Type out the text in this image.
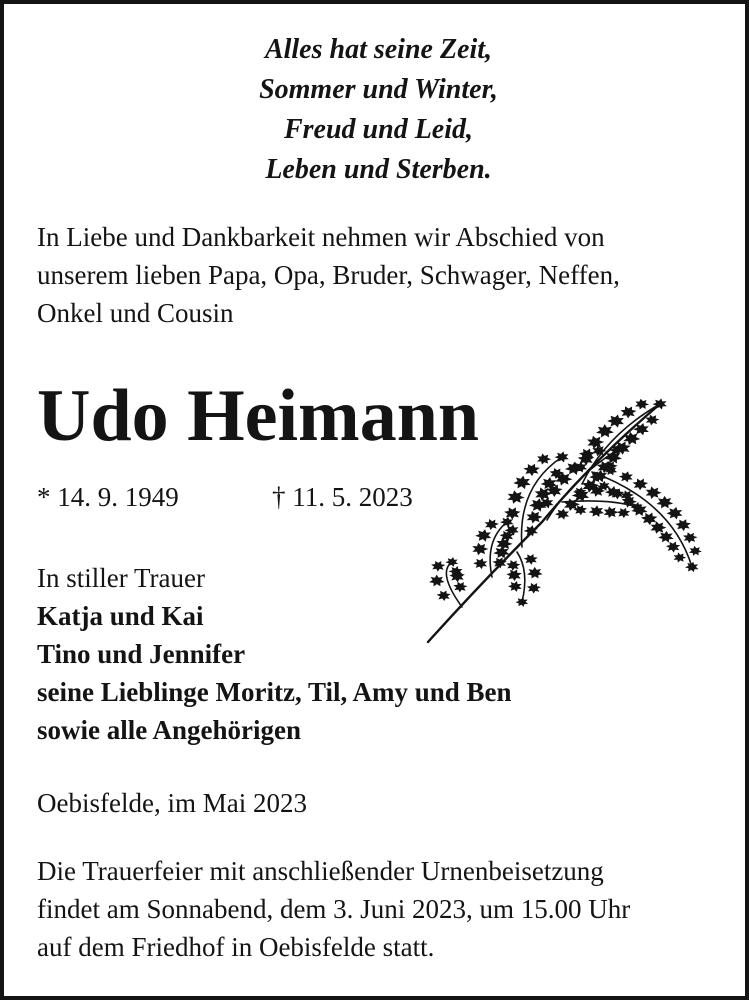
Alles hat seine Zeit,
Sommer und Winter,
Freud und Leid,
Leben und Sterben.
In Liebe und Dankbarkeit nehmen wir Abschied von
unserem lieben Papa, Opa, Bruder, Schwager, Neffen,
Onkel und Cousin
Udo Heimann
* 14. 9. 1949	† 11. 5. 2023
In stiller Trauer
Katja und Kai
Tino und Jennifer
seine Lieblinge Moritz, Til, Amy und Ben
sowie alle Angehörigen
Oebisfelde, im Mai 2023
Die Trauerfeier mit anschließender Urnenbeisetzung
findet am Sonnabend, dem 3. Juni 2023, um 15.00 Uhr
auf dem Friedhof in Oebisfelde statt.
